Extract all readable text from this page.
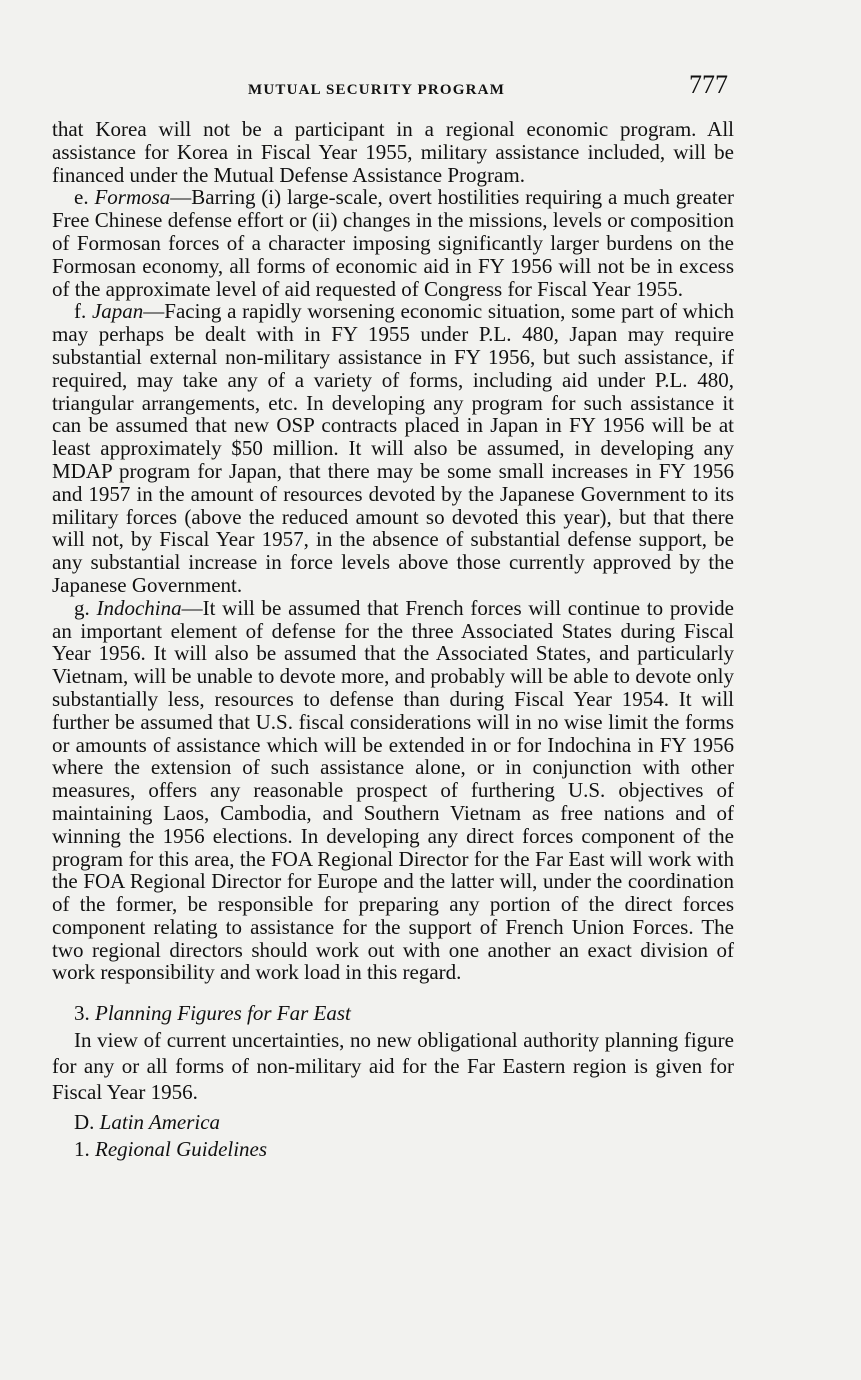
MUTUAL SECURITY PROGRAM	777

that Korea will not be a participant in a regional economic program. All assistance for Korea in Fiscal Year 1955, military assistance included, will be financed under the Mutual Defense Assistance Program.

e. Formosa—Barring (i) large-scale, overt hostilities requiring a much greater Free Chinese defense effort or (ii) changes in the missions, levels or composition of Formosan forces of a character imposing significantly larger burdens on the Formosan economy, all forms of economic aid in FY 1956 will not be in excess of the approximate level of aid requested of Congress for Fiscal Year 1955.

f. Japan—Facing a rapidly worsening economic situation, some part of which may perhaps be dealt with in FY 1955 under P.L. 480, Japan may require substantial external non-military assistance in FY 1956, but such assistance, if required, may take any of a variety of forms, including aid under P.L. 480, triangular arrangements, etc. In developing any program for such assistance it can be assumed that new OSP contracts placed in Japan in FY 1956 will be at least approximately $50 million. It will also be assumed, in developing any MDAP program for Japan, that there may be some small increases in FY 1956 and 1957 in the amount of resources devoted by the Japanese Government to its military forces (above the reduced amount so devoted this year), but that there will not, by Fiscal Year 1957, in the absence of substantial defense support, be any substantial increase in force levels above those currently approved by the Japanese Government.

g. Indochina—It will be assumed that French forces will continue to provide an important element of defense for the three Associated States during Fiscal Year 1956. It will also be assumed that the Associated States, and particularly Vietnam, will be unable to devote more, and probably will be able to devote only substantially less, resources to defense than during Fiscal Year 1954. It will further be assumed that U.S. fiscal considerations will in no wise limit the forms or amounts of assistance which will be extended in or for Indochina in FY 1956 where the extension of such assistance alone, or in conjunction with other measures, offers any reasonable prospect of furthering U.S. objectives of maintaining Laos, Cambodia, and Southern Vietnam as free nations and of winning the 1956 elections. In developing any direct forces component of the program for this area, the FOA Regional Director for the Far East will work with the FOA Regional Director for Europe and the latter will, under the coordination of the former, be responsible for preparing any portion of the direct forces component relating to assistance for the support of French Union Forces. The two regional directors should work out with one another an exact division of work responsibility and work load in this regard.

3. Planning Figures for Far East

In view of current uncertainties, no new obligational authority planning figure for any or all forms of non-military aid for the Far Eastern region is given for Fiscal Year 1956.

D. Latin America

1. Regional Guidelines
